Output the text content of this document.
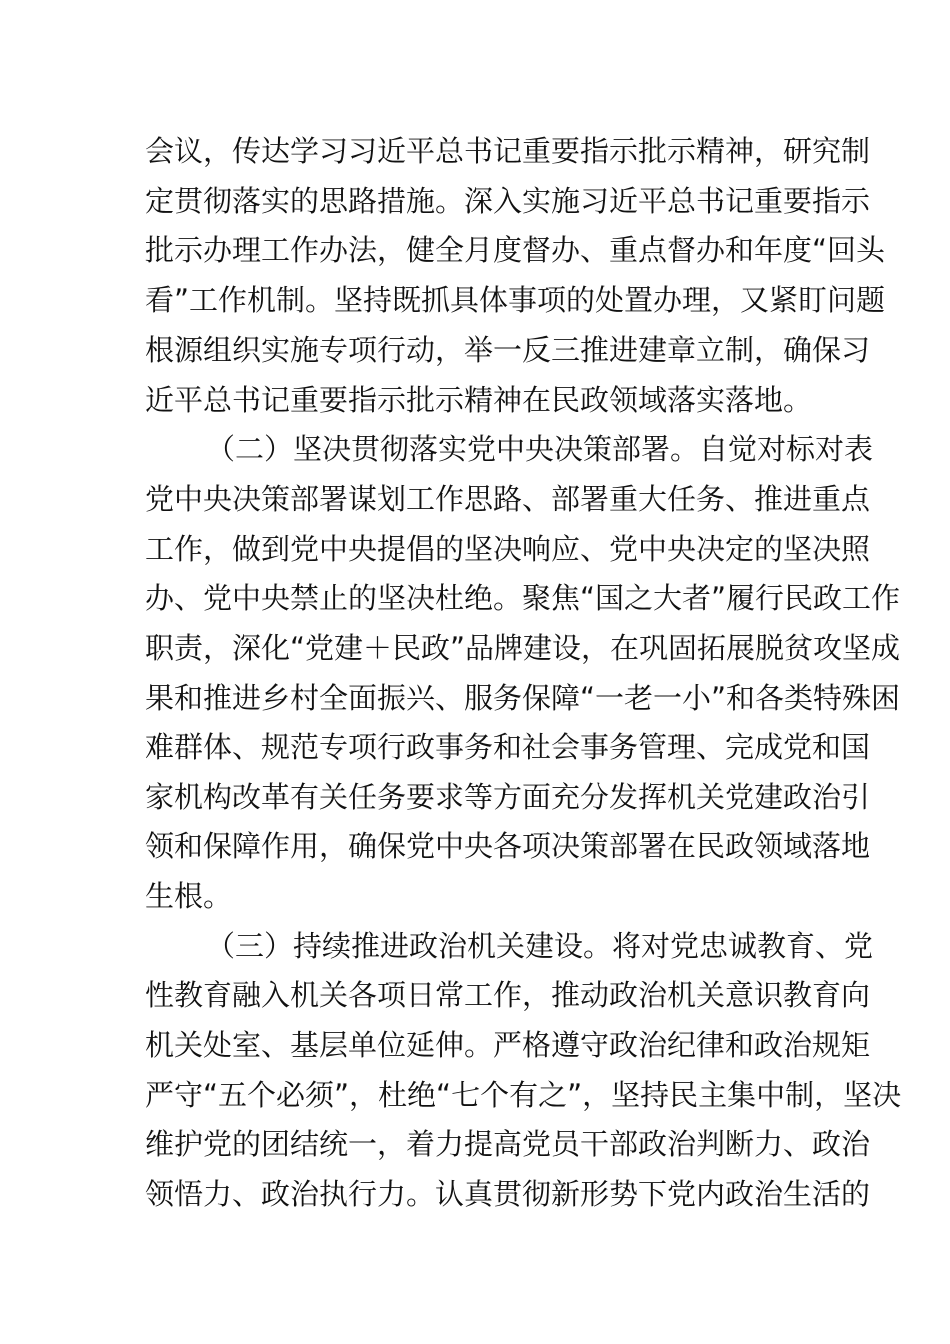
会议，传达学习习近平总书记重要指示批示精神，研究制
定贯彻落实的思路措施。深入实施习近平总书记重要指示
批示办理工作办法，健全月度督办、重点督办和年度“回头
看”工作机制。坚持既抓具体事项的处置办理，又紧盯问题
根源组织实施专项行动，举一反三推进建章立制，确保习
近平总书记重要指示批示精神在民政领域落实落地。
（二）坚决贯彻落实党中央决策部署。自觉对标对表
党中央决策部署谋划工作思路、部署重大任务、推进重点
工作，做到党中央提倡的坚决响应、党中央决定的坚决照
办、党中央禁止的坚决杜绝。聚焦“国之大者”履行民政工作
职责，深化“党建＋民政”品牌建设，在巩固拓展脱贫攻坚成
果和推进乡村全面振兴、服务保障“一老一小”和各类特殊困
难群体、规范专项行政事务和社会事务管理、完成党和国
家机构改革有关任务要求等方面充分发挥机关党建政治引
领和保障作用，确保党中央各项决策部署在民政领域落地
生根。
（三）持续推进政治机关建设。将对党忠诚教育、党
性教育融入机关各项日常工作，推动政治机关意识教育向
机关处室、基层单位延伸。严格遵守政治纪律和政治规矩
严守“五个必须”，杜绝“七个有之”，坚持民主集中制，坚决
维护党的团结统一，着力提高党员干部政治判断力、政治
领悟力、政治执行力。认真贯彻新形势下党内政治生活的
